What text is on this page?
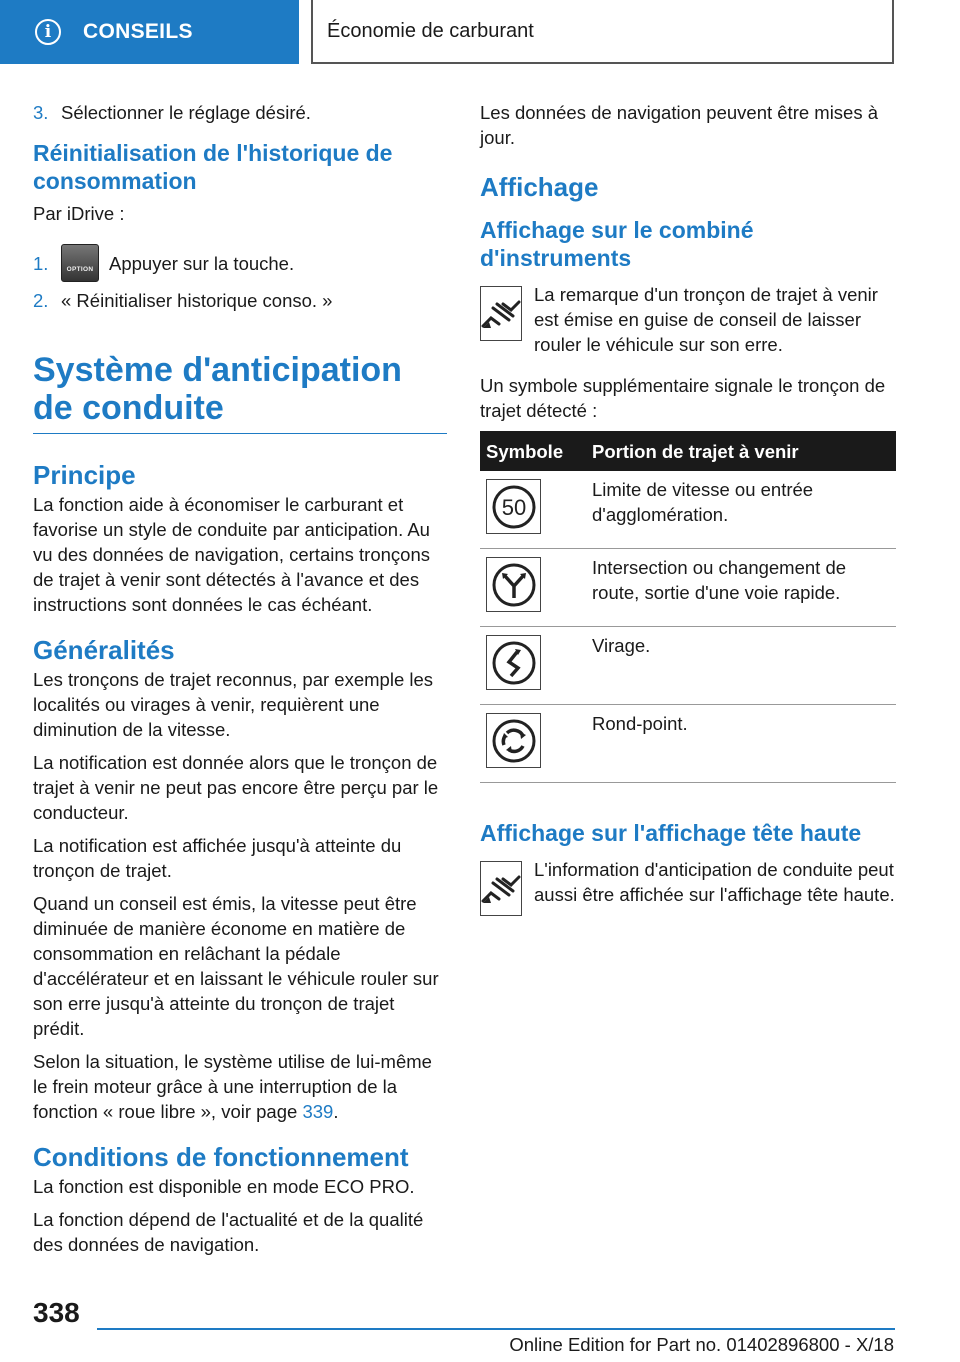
i	CONSEILS	Économie de carburant
3. Sélectionner le réglage désiré.
Réinitialisation de l'historique de consommation

Par iDrive :

1.	OPTION Appuyer sur la touche.
2. « Réinitialiser historique conso. »
Système d'anticipation de conduite
Principe

La fonction aide à économiser le carburant et favorise un style de conduite par anticipation. Au vu des données de navigation, certains tronçons de trajet à venir sont détectés à l'avance et des instructions sont données le cas échéant.

Généralités

Les tronçons de trajet reconnus, par exemple les localités ou virages à venir, requièrent une diminution de la vitesse.

La notification est donnée alors que le tronçon de trajet à venir ne peut pas encore être perçu par le conducteur.

La notification est affichée jusqu'à atteinte du tronçon de trajet.

Quand un conseil est émis, la vitesse peut être diminuée de manière économe en matière de consommation en relâchant la pédale d'accélérateur et en laissant le véhicule rouler sur son erre jusqu'à atteinte du tronçon de trajet prédit.

Selon la situation, le système utilise de lui-même le frein moteur grâce à une interruption de la fonction « roue libre », voir page 339.

Conditions de fonctionnement

La fonction est disponible en mode ECO PRO.

La fonction dépend de l'actualité et de la qualité des données de navigation.

Les données de navigation peuvent être mises à jour.

Affichage
Affichage sur le combiné d'instruments
La remarque d'un tronçon de trajet à venir est émise en guise de conseil de laisser rouler le véhicule sur son erre.

Un symbole supplémentaire signale le tronçon de trajet détecté :

Symbole	Portion de trajet à venir

50	Limite de vitesse ou entrée d'agglomération.

	Intersection ou changement de route, sortie d'une voie rapide.

	Virage.

	Rond-point.
Affichage sur l'affichage tête haute
L'information d'anticipation de conduite peut aussi être affichée sur l'affichage tête haute.
338
Online Edition for Part no. 01402896800 - X/18
